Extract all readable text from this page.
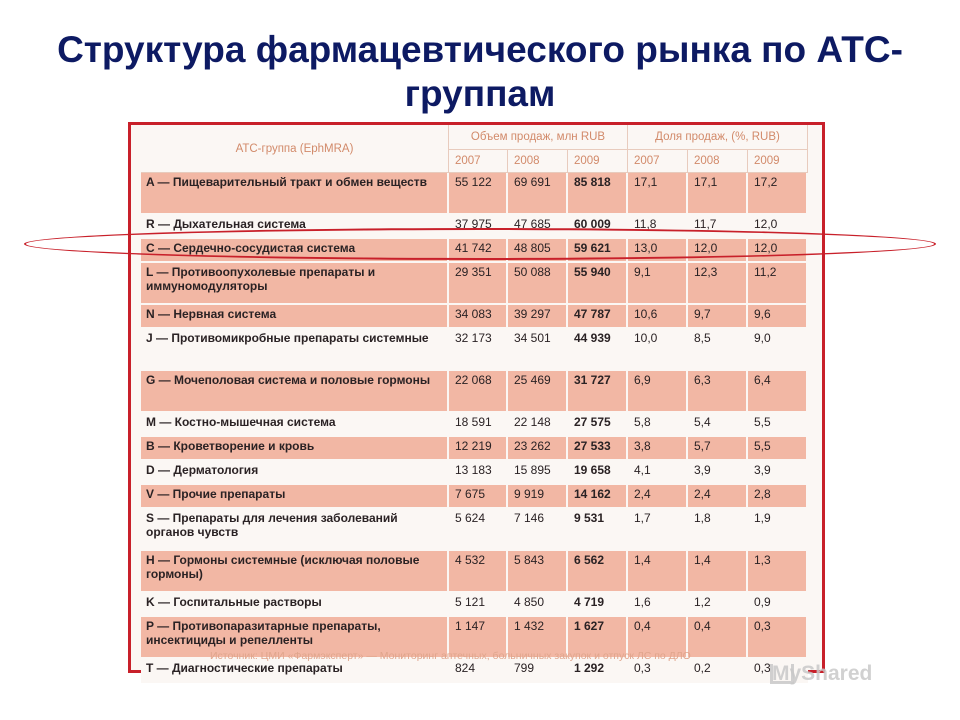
Структура фармацевтического рынка по АТС-группам
АТС-группа (EphMRA)	Объем продаж, млн RUB			Доля продаж, (%, RUB)		
	2007	2008	2009	2007	2008	2009
A — Пищеварительный тракт и обмен веществ	55 122	69 691	85 818	17,1	17,1	17,2
R — Дыхательная система	37 975	47 685	60 009	11,8	11,7	12,0
C — Сердечно-сосудистая система	41 742	48 805	59 621	13,0	12,0	12,0
L — Противоопухолевые препараты и иммуномодуляторы	29 351	50 088	55 940	9,1	12,3	11,2
N — Нервная система	34 083	39 297	47 787	10,6	9,7	9,6
J — Противомикробные препараты системные	32 173	34 501	44 939	10,0	8,5	9,0
G — Мочеполовая система и половые гормоны	22 068	25 469	31 727	6,9	6,3	6,4
M — Костно-мышечная система	18 591	22 148	27 575	5,8	5,4	5,5
B — Кроветворение и кровь	12 219	23 262	27 533	3,8	5,7	5,5
D — Дерматология	13 183	15 895	19 658	4,1	3,9	3,9
V — Прочие препараты	7 675	9 919	14 162	2,4	2,4	2,8
S — Препараты для лечения заболеваний органов чувств	5 624	7 146	9 531	1,7	1,8	1,9
H — Гормоны системные (исключая половые гормоны)	4 532	5 843	6 562	1,4	1,4	1,3
K — Госпитальные растворы	5 121	4 850	4 719	1,6	1,2	0,9
P — Противопаразитарные препараты, инсектициды и репелленты	1 147	1 432	1 627	0,4	0,4	0,3
T — Диагностические препараты	824	799	1 292	0,3	0,2	0,3
Источник: ЦМИ «Фармэксперт» — Мониторинг аптечных, больничных закупок и отпуск ЛС по ДЛО
MyShared
